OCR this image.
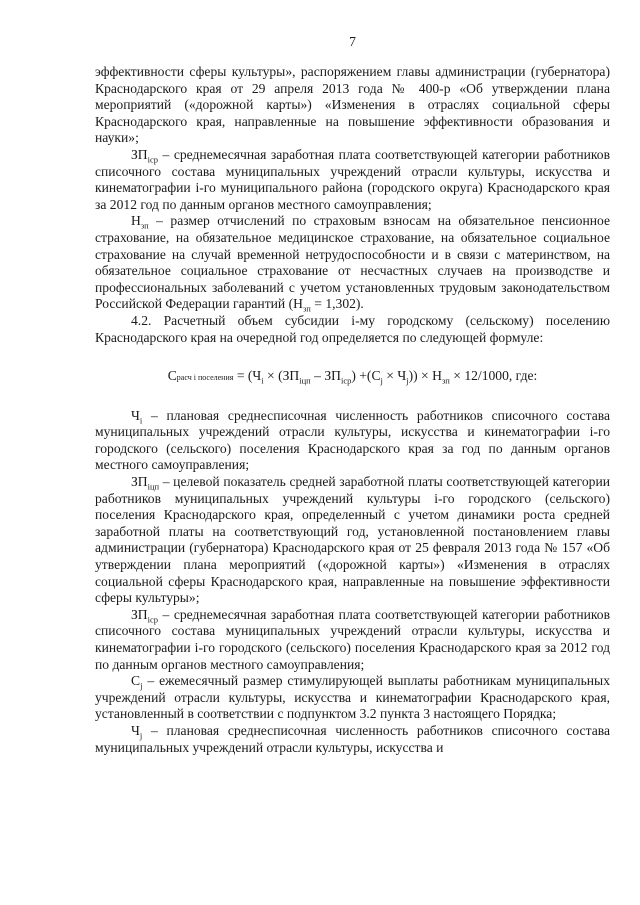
7

эффективности сферы культуры», распоряжением главы администрации (губернатора) Краснодарского края от 29 апреля 2013 года № 400-р «Об утверждении плана мероприятий («дорожной карты») «Изменения в отраслях социальной сферы Краснодарского края, направленные на повышение эффективности образования и науки»;

$ЗП_{iср}$ – среднемесячная заработная плата соответствующей категории работников списочного состава муниципальных учреждений отрасли культуры, искусства и кинематографии i-го муниципального района (городского округа) Краснодарского края за 2012 год по данным органов местного самоуправления;

$Н_{зп}$ – размер отчислений по страховым взносам на обязательное пенсионное страхование, на обязательное медицинское страхование, на обязательное социальное страхование на случай временной нетрудоспособности и в связи с материнством, на обязательное социальное страхование от несчастных случаев на производстве и профессиональных заболеваний с учетом установленных трудовым законодательством Российской Федерации гарантий $(Н_{зп} = 1,302)$.

4.2. Расчетный объем субсидии i-му городскому (сельскому) поселению Краснодарского края на очередной год определяется по следующей формуле:

Срасч i поселения = $(Ч_i \times (ЗП_{iцп} - ЗП_{iср}) +(С_j \times Ч_j)) \times Н_{зп} \times 12/1000$, где:

$Ч_i$ – плановая среднесписочная численность работников списочного состава муниципальных учреждений отрасли культуры, искусства и кинематографии i-го городского (сельского) поселения Краснодарского края за год по данным органов местного самоуправления;

$ЗП_{iцп}$ – целевой показатель средней заработной платы соответствующей категории работников муниципальных учреждений культуры i-го городского (сельского) поселения Краснодарского края, определенный с учетом динамики роста средней заработной платы на соответствующий год, установленной постановлением главы администрации (губернатора) Краснодарского края от 25 февраля 2013 года № 157 «Об утверждении плана мероприятий («дорожной карты») «Изменения в отраслях социальной сферы Краснодарского края, направленные на повышение эффективности сферы культуры»;

$ЗП_{iср}$ – среднемесячная заработная плата соответствующей категории работников списочного состава муниципальных учреждений отрасли культуры, искусства и кинематографии i-го городского (сельского) поселения Краснодарского края за 2012 год по данным органов местного самоуправления;

$С_j$ – ежемесячный размер стимулирующей выплаты работникам муниципальных учреждений отрасли культуры, искусства и кинематографии Краснодарского края, установленный в соответствии с подпунктом 3.2 пункта 3 настоящего Порядка;

$Ч_j$ – плановая среднесписочная численность работников списочного состава муниципальных учреждений отрасли культуры, искусства и
